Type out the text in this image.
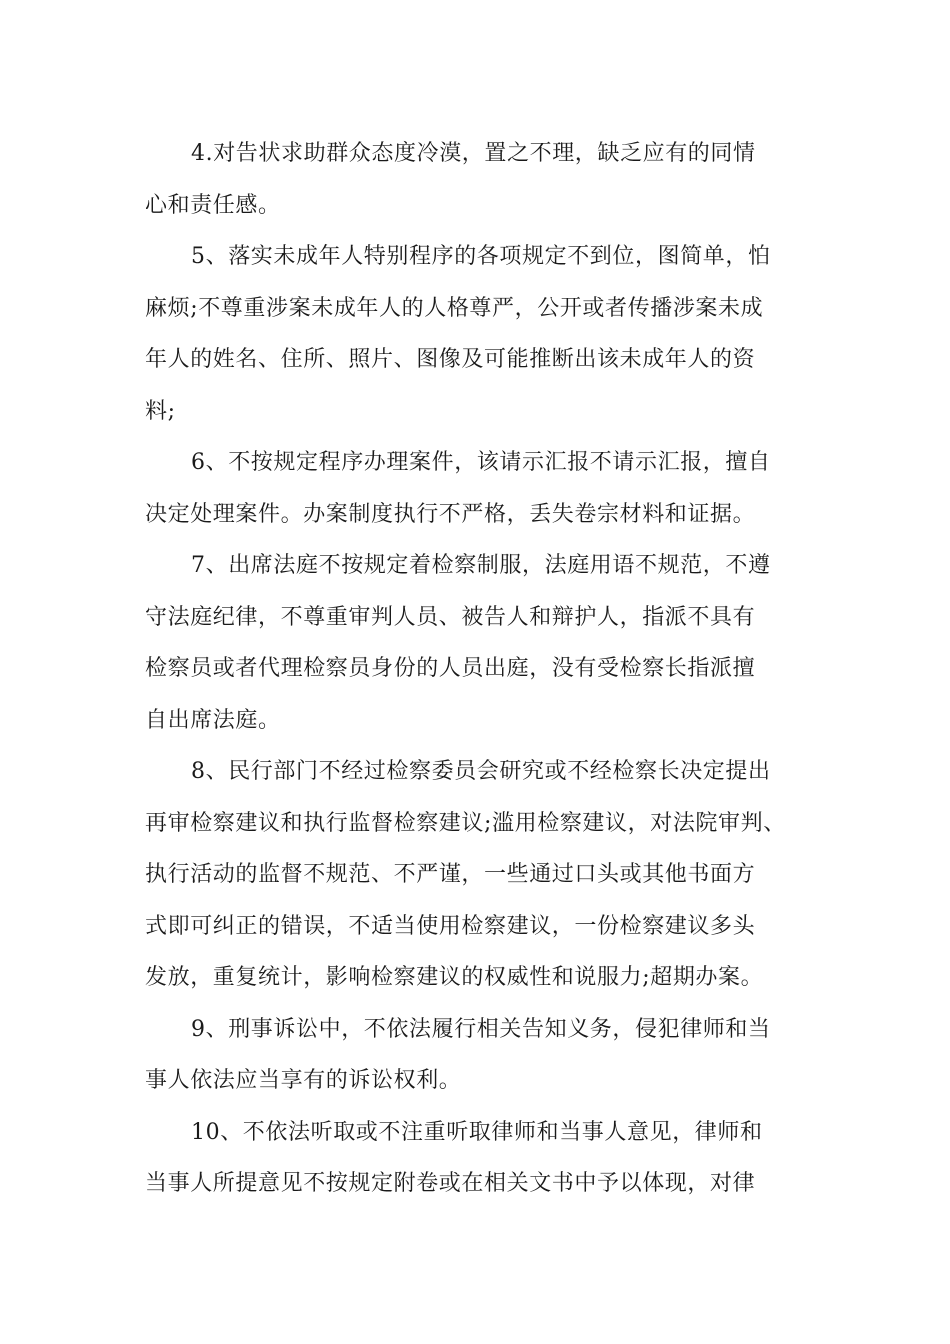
4.对告状求助群众态度冷漠，置之不理，缺乏应有的同情
心和责任感。
5、落实未成年人特别程序的各项规定不到位，图简单，怕
麻烦;不尊重涉案未成年人的人格尊严，公开或者传播涉案未成
年人的姓名、住所、照片、图像及可能推断出该未成年人的资
料;
6、不按规定程序办理案件，该请示汇报不请示汇报，擅自
决定处理案件。办案制度执行不严格，丢失卷宗材料和证据。
7、出席法庭不按规定着检察制服，法庭用语不规范，不遵
守法庭纪律，不尊重审判人员、被告人和辩护人，指派不具有
检察员或者代理检察员身份的人员出庭，没有受检察长指派擅
自出席法庭。
8、民行部门不经过检察委员会研究或不经检察长决定提出
再审检察建议和执行监督检察建议;滥用检察建议，对法院审判、
执行活动的监督不规范、不严谨，一些通过口头或其他书面方
式即可纠正的错误，不适当使用检察建议，一份检察建议多头
发放，重复统计，影响检察建议的权威性和说服力;超期办案。
9、刑事诉讼中，不依法履行相关告知义务，侵犯律师和当
事人依法应当享有的诉讼权利。
10、不依法听取或不注重听取律师和当事人意见，律师和
当事人所提意见不按规定附卷或在相关文书中予以体现，对律
